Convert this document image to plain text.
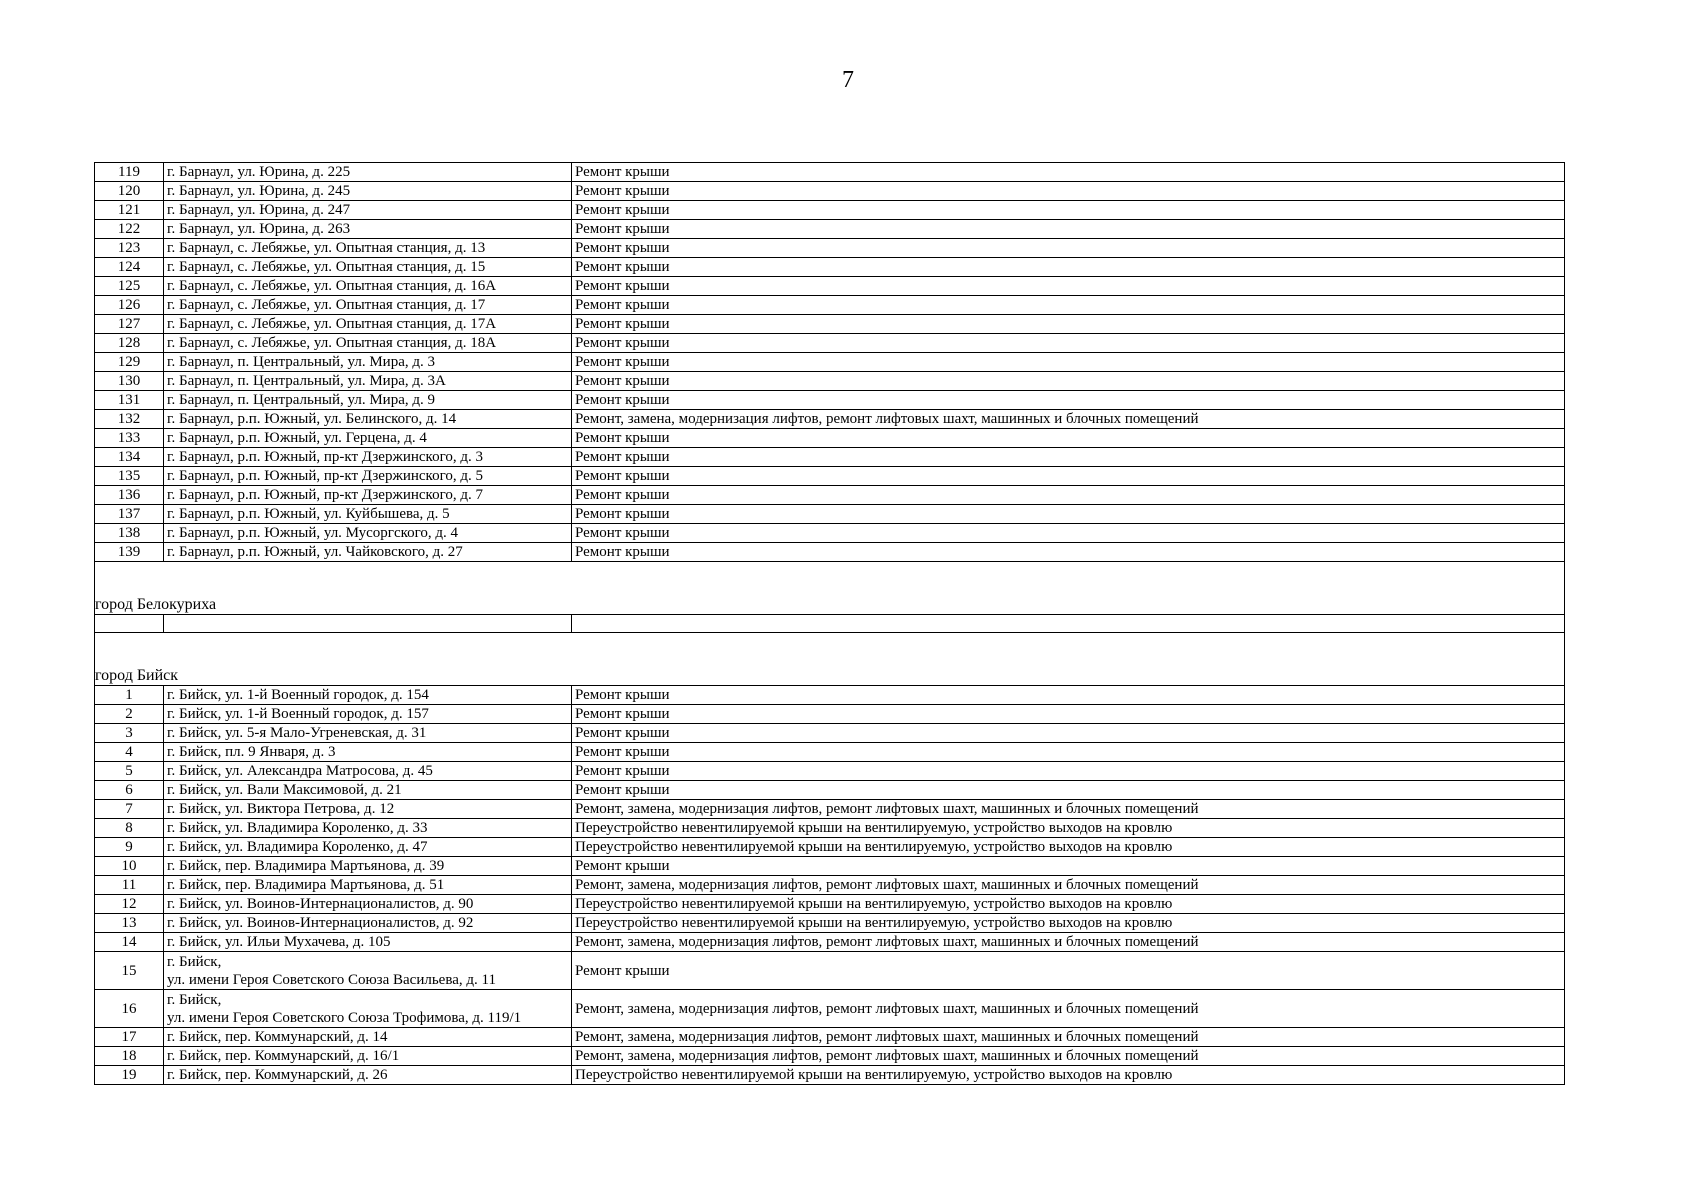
7
119	г. Барнаул, ул. Юрина, д. 225	Ремонт крыши
120	г. Барнаул, ул. Юрина, д. 245	Ремонт крыши
121	г. Барнаул, ул. Юрина, д. 247	Ремонт крыши
122	г. Барнаул, ул. Юрина, д. 263	Ремонт крыши
123	г. Барнаул, с. Лебяжье, ул. Опытная станция, д. 13	Ремонт крыши
124	г. Барнаул, с. Лебяжье, ул. Опытная станция, д. 15	Ремонт крыши
125	г. Барнаул, с. Лебяжье, ул. Опытная станция, д. 16А	Ремонт крыши
126	г. Барнаул, с. Лебяжье, ул. Опытная станция, д. 17	Ремонт крыши
127	г. Барнаул, с. Лебяжье, ул. Опытная станция, д. 17А	Ремонт крыши
128	г. Барнаул, с. Лебяжье, ул. Опытная станция, д. 18А	Ремонт крыши
129	г. Барнаул, п. Центральный, ул. Мира, д. 3	Ремонт крыши
130	г. Барнаул, п. Центральный, ул. Мира, д. 3А	Ремонт крыши
131	г. Барнаул, п. Центральный, ул. Мира, д. 9	Ремонт крыши
132	г. Барнаул, р.п. Южный, ул. Белинского, д. 14	Ремонт, замена, модернизация лифтов, ремонт лифтовых шахт, машинных и блочных помещений
133	г. Барнаул, р.п. Южный, ул. Герцена, д. 4	Ремонт крыши
134	г. Барнаул, р.п. Южный, пр-кт Дзержинского, д. 3	Ремонт крыши
135	г. Барнаул, р.п. Южный, пр-кт Дзержинского, д. 5	Ремонт крыши
136	г. Барнаул, р.п. Южный, пр-кт Дзержинского, д. 7	Ремонт крыши
137	г. Барнаул, р.п. Южный, ул. Куйбышева, д. 5	Ремонт крыши
138	г. Барнаул, р.п. Южный, ул. Мусоргского, д. 4	Ремонт крыши
139	г. Барнаул, р.п. Южный, ул. Чайковского, д. 27	Ремонт крыши
город Белокуриха		

город Бийск		
1	г. Бийск, ул. 1-й Военный городок, д. 154	Ремонт крыши
2	г. Бийск, ул. 1-й Военный городок, д. 157	Ремонт крыши
3	г. Бийск, ул. 5-я Мало-Угреневская, д. 31	Ремонт крыши
4	г. Бийск, пл. 9 Января, д. 3	Ремонт крыши
5	г. Бийск, ул. Александра Матросова, д. 45	Ремонт крыши
6	г. Бийск, ул. Вали Максимовой, д. 21	Ремонт крыши
7	г. Бийск, ул. Виктора Петрова, д. 12	Ремонт, замена, модернизация лифтов, ремонт лифтовых шахт, машинных и блочных помещений
8	г. Бийск, ул. Владимира Короленко, д. 33	Переустройство невентилируемой крыши на вентилируемую, устройство выходов на кровлю
9	г. Бийск, ул. Владимира Короленко, д. 47	Переустройство невентилируемой крыши на вентилируемую, устройство выходов на кровлю
10	г. Бийск, пер. Владимира Мартьянова, д. 39	Ремонт крыши
11	г. Бийск, пер. Владимира Мартьянова, д. 51	Ремонт, замена, модернизация лифтов, ремонт лифтовых шахт, машинных и блочных помещений
12	г. Бийск, ул. Воинов-Интернационалистов, д. 90	Переустройство невентилируемой крыши на вентилируемую, устройство выходов на кровлю
13	г. Бийск, ул. Воинов-Интернационалистов, д. 92	Переустройство невентилируемой крыши на вентилируемую, устройство выходов на кровлю
14	г. Бийск, ул. Ильи Мухачева, д. 105	Ремонт, замена, модернизация лифтов, ремонт лифтовых шахт, машинных и блочных помещений
15	г. Бийск,
ул. имени Героя Советского Союза Васильева, д. 11	Ремонт крыши
16	г. Бийск,
ул. имени Героя Советского Союза Трофимова, д. 119/1	Ремонт, замена, модернизация лифтов, ремонт лифтовых шахт, машинных и блочных помещений
17	г. Бийск, пер. Коммунарский, д. 14	Ремонт, замена, модернизация лифтов, ремонт лифтовых шахт, машинных и блочных помещений
18	г. Бийск, пер. Коммунарский, д. 16/1	Ремонт, замена, модернизация лифтов, ремонт лифтовых шахт, машинных и блочных помещений
19	г. Бийск, пер. Коммунарский, д. 26	Переустройство невентилируемой крыши на вентилируемую, устройство выходов на кровлю
